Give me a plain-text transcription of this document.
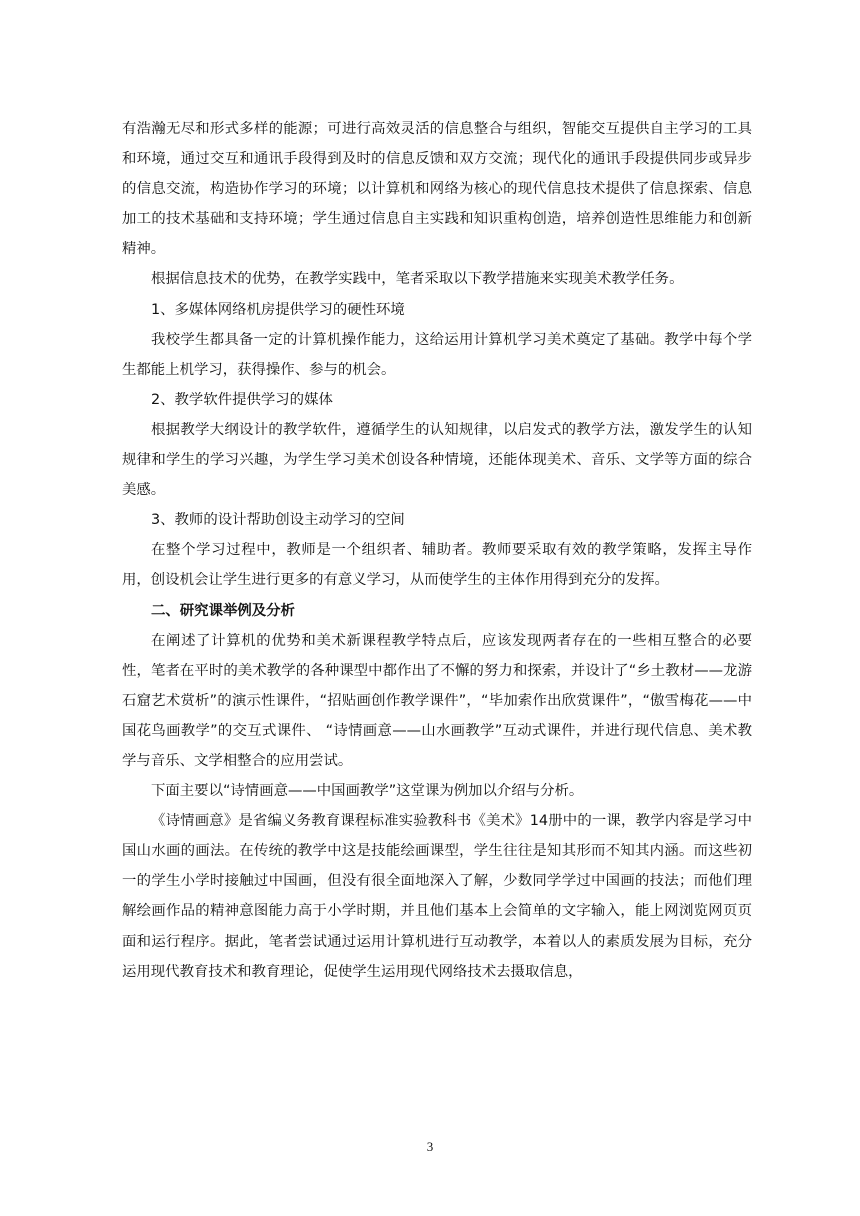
有浩瀚无尽和形式多样的能源；可进行高效灵活的信息整合与组织，智能交互提供自主学习的工具和环境，通过交互和通讯手段得到及时的信息反馈和双方交流；现代化的通讯手段提供同步或异步的信息交流，构造协作学习的环境；以计算机和网络为核心的现代信息技术提供了信息探索、信息加工的技术基础和支持环境；学生通过信息自主实践和知识重构创造，培养创造性思维能力和创新精神。

根据信息技术的优势，在教学实践中，笔者采取以下教学措施来实现美术教学任务。

1、多媒体网络机房提供学习的硬性环境

我校学生都具备一定的计算机操作能力，这给运用计算机学习美术奠定了基础。教学中每个学生都能上机学习，获得操作、参与的机会。

2、教学软件提供学习的媒体

根据教学大纲设计的教学软件，遵循学生的认知规律，以启发式的教学方法，激发学生的认知规律和学生的学习兴趣，为学生学习美术创设各种情境，还能体现美术、音乐、文学等方面的综合美感。

3、教师的设计帮助创设主动学习的空间

在整个学习过程中，教师是一个组织者、辅助者。教师要采取有效的教学策略，发挥主导作用，创设机会让学生进行更多的有意义学习，从而使学生的主体作用得到充分的发挥。

二、研究课举例及分析

在阐述了计算机的优势和美术新课程教学特点后，应该发现两者存在的一些相互整合的必要性，笔者在平时的美术教学的各种课型中都作出了不懈的努力和探索，并设计了“乡土教材——龙游石窟艺术赏析”的演示性课件，“招贴画创作教学课件”，“毕加索作出欣赏课件”，“傲雪梅花——中国花鸟画教学”的交互式课件、 “诗情画意——山水画教学”互动式课件，并进行现代信息、美术教学与音乐、文学相整合的应用尝试。

下面主要以“诗情画意——中国画教学”这堂课为例加以介绍与分析。

《诗情画意》是省编义务教育课程标准实验教科书《美术》14册中的一课，教学内容是学习中国山水画的画法。在传统的教学中这是技能绘画课型，学生往往是知其形而不知其内涵。而这些初一的学生小学时接触过中国画，但没有很全面地深入了解，少数同学学过中国画的技法；而他们理解绘画作品的精神意图能力高于小学时期，并且他们基本上会简单的文字输入，能上网浏览网页页面和运行程序。据此，笔者尝试通过运用计算机进行互动教学，本着以人的素质发展为目标，充分运用现代教育技术和教育理论，促使学生运用现代网络技术去摄取信息，

3
